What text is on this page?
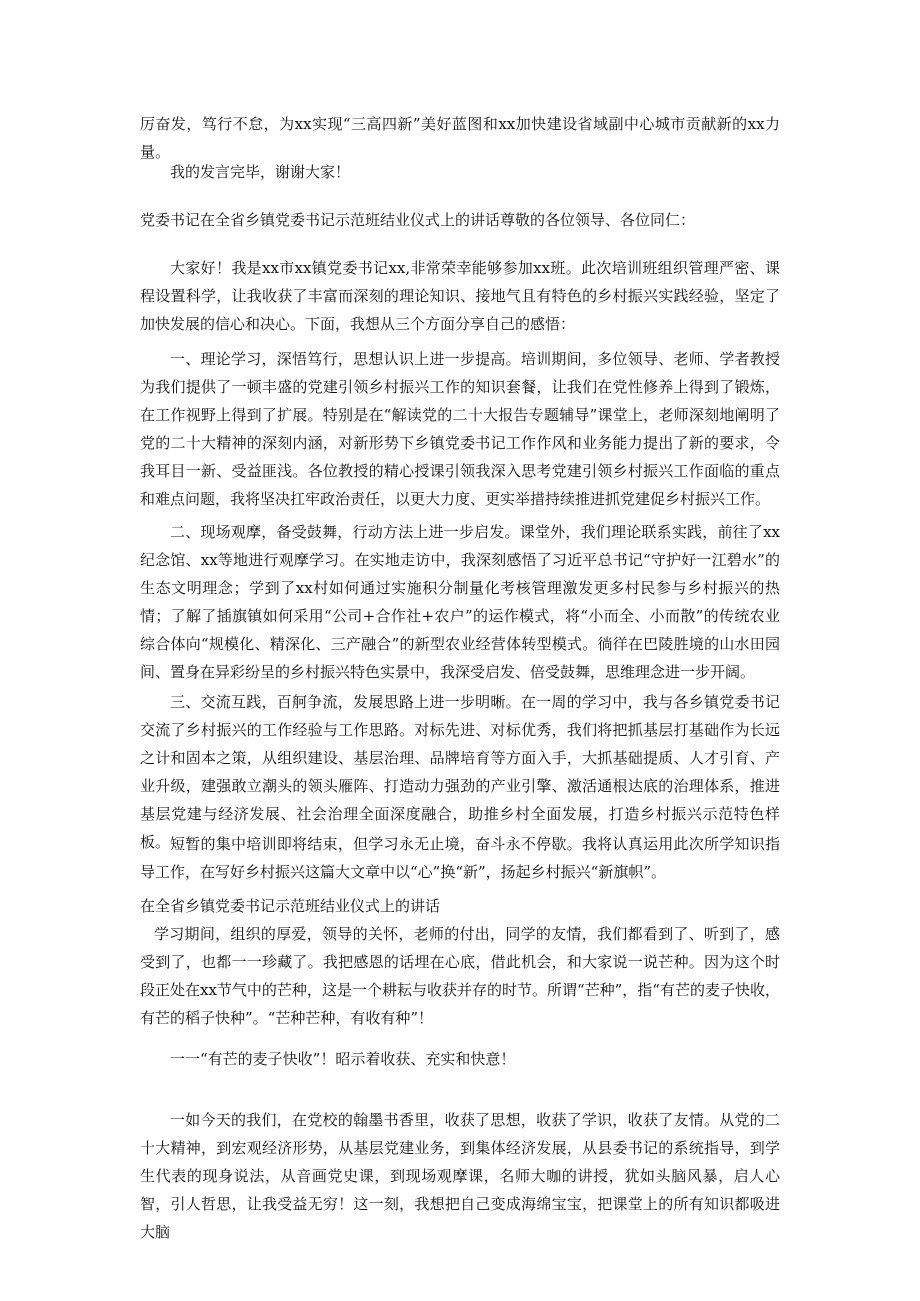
厉奋发，笃行不怠，为xx实现“三高四新”美好蓝图和xx加快建设省域副中心城市贡献新的xx力量。

我的发言完毕，谢谢大家！

党委书记在全省乡镇党委书记示范班结业仪式上的讲话尊敬的各位领导、各位同仁：

大家好！我是xx市xx镇党委书记xx,非常荣幸能够参加xx班。此次培训班组织管理严密、课程设置科学，让我收获了丰富而深刻的理论知识、接地气且有特色的乡村振兴实践经验，坚定了加快发展的信心和决心。下面，我想从三个方面分享自己的感悟：

一、理论学习，深悟笃行，思想认识上进一步提高。培训期间，多位领导、老师、学者教授为我们提供了一顿丰盛的党建引领乡村振兴工作的知识套餐，让我们在党性修养上得到了锻炼，在工作视野上得到了扩展。特别是在“解读党的二十大报告专题辅导”课堂上，老师深刻地阐明了党的二十大精神的深刻内涵，对新形势下乡镇党委书记工作作风和业务能力提出了新的要求，令我耳目一新、受益匪浅。各位教授的精心授课引领我深入思考党建引领乡村振兴工作面临的重点和难点问题，我将坚决扛牢政治责任，以更大力度、更实举措持续推进抓党建促乡村振兴工作。

二、现场观摩，备受鼓舞，行动方法上进一步启发。课堂外，我们理论联系实践，前往了xx纪念馆、xx等地进行观摩学习。在实地走访中，我深刻感悟了习近平总书记“守护好一江碧水”的生态文明理念；学到了xx村如何通过实施积分制量化考核管理激发更多村民参与乡村振兴的热情；了解了插旗镇如何采用“公司+合作社+农户”的运作模式，将“小而全、小而散”的传统农业综合体向“规模化、精深化、三产融合”的新型农业经营体转型模式。徜徉在巴陵胜境的山水田园间、置身在异彩纷呈的乡村振兴特色实景中，我深受启发、倍受鼓舞，思维理念进一步开阔。

三、交流互践，百舸争流，发展思路上进一步明晰。在一周的学习中，我与各乡镇党委书记交流了乡村振兴的工作经验与工作思路。对标先进、对标优秀，我们将把抓基层打基础作为长远之计和固本之策，从组织建设、基层治理、品牌培育等方面入手，大抓基础提质、人才引育、产业升级，建强敢立潮头的领头雁阵、打造动力强劲的产业引擎、激活通根达底的治理体系，推进基层党建与经济发展、社会治理全面深度融合，助推乡村全面发展，打造乡村振兴示范特色样板。 短暂的集中培训即将结束，但学习永无止境，奋斗永不停歇。我将认真运用此次所学知识指导工作，在写好乡村振兴这篇大文章中以“心”换“新”，扬起乡村振兴“新旗帜”。

在全省乡镇党委书记示范班结业仪式上的讲话

学习期间，组织的厚爱，领导的关怀，老师的付出，同学的友情，我们都看到了、听到了，感受到了，也都一一珍藏了。我把感恩的话埋在心底，借此机会，和大家说一说芒种。因为这个时段正处在xx节气中的芒种，这是一个耕耘与收获并存的时节。所谓“芒种”，指“有芒的麦子快收，有芒的稻子快种”。“芒种芒种，有收有种”！

一一“有芒的麦子快收”！昭示着收获、充实和快意！

一如今天的我们，在党校的翰墨书香里，收获了思想，收获了学识，收获了友情。从党的二十大精神，到宏观经济形势，从基层党建业务，到集体经济发展，从县委书记的系统指导，到学生代表的现身说法，从音画党史课，到现场观摩课，名师大咖的讲授，犹如头脑风暴，启人心智，引人哲思，让我受益无穷！这一刻，我想把自己变成海绵宝宝，把课堂上的所有知识都吸进大脑
